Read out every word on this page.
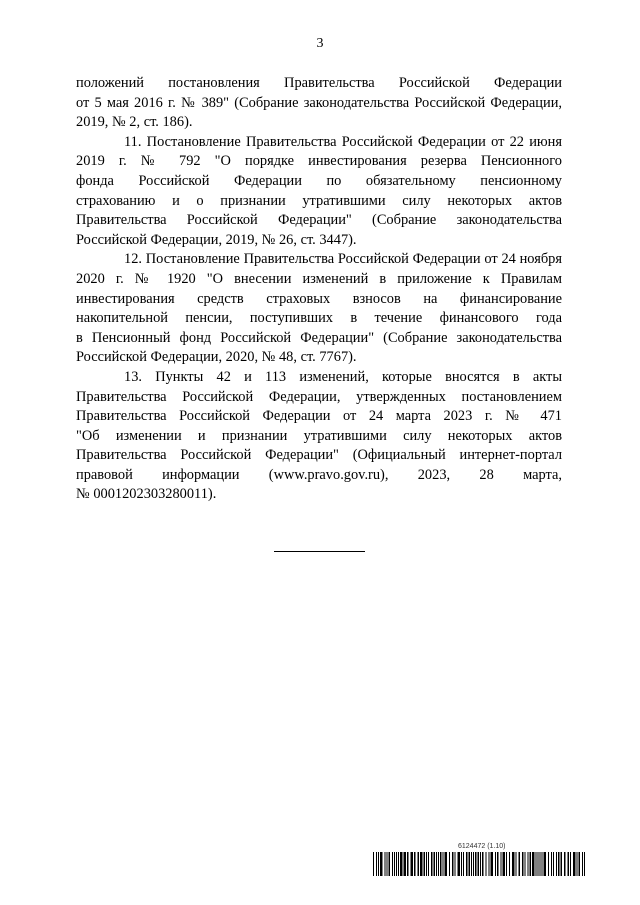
3
положений постановления Правительства Российской Федерации
от 5 мая 2016 г. № 389" (Собрание законодательства Российской Федерации,
2019, № 2, ст. 186).
11. Постановление Правительства Российской Федерации от 22 июня
2019 г. № 792 "О порядке инвестирования резерва Пенсионного
фонда Российской Федерации по обязательному пенсионному
страхованию и о признании утратившими силу некоторых актов
Правительства Российской Федерации" (Собрание законодательства
Российской Федерации, 2019, № 26, ст. 3447).
12. Постановление Правительства Российской Федерации от 24 ноября
2020 г. № 1920 "О внесении изменений в приложение к Правилам
инвестирования средств страховых взносов на финансирование
накопительной пенсии, поступивших в течение финансового года
в Пенсионный фонд Российской Федерации" (Собрание законодательства
Российской Федерации, 2020, № 48, ст. 7767).
13. Пункты 42 и 113 изменений, которые вносятся в акты
Правительства Российской Федерации, утвержденных постановлением
Правительства Российской Федерации от 24 марта 2023 г. № 471
"Об изменении и признании утратившими силу некоторых актов
Правительства Российской Федерации" (Официальный интернет-портал
правовой информации (www.pravo.gov.ru), 2023, 28 марта,
№ 0001202303280011).
6124472 (1.10)
